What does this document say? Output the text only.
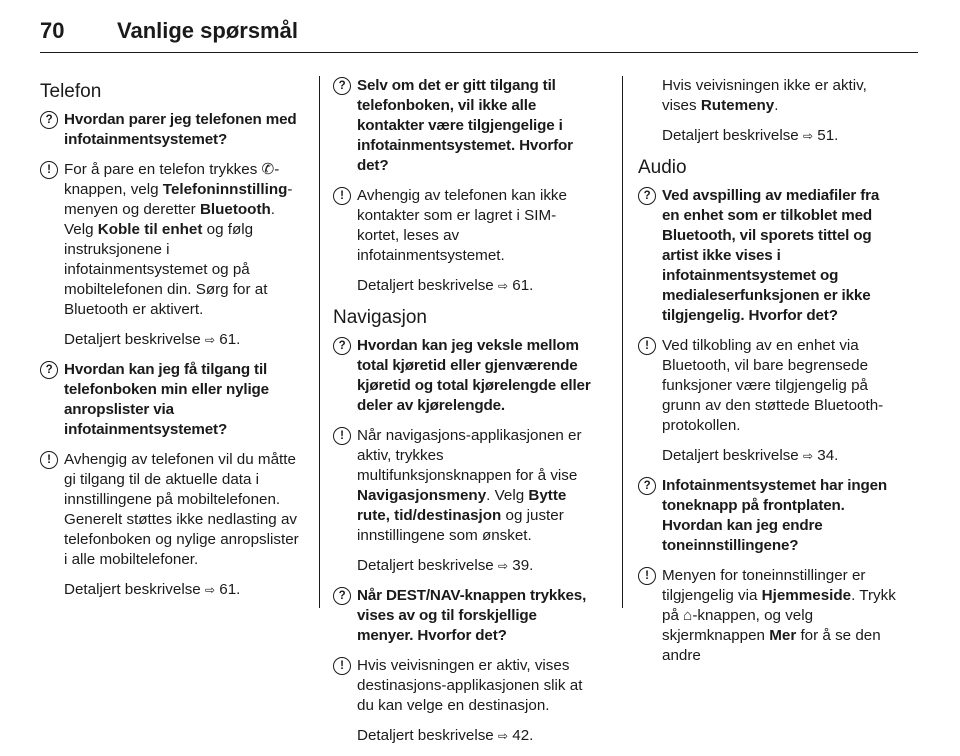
70 Vanlige spørsmål
Telefon
? Hvordan parer jeg telefonen med infotainmentsystemet?
! For å pare en telefon trykkes ✆-knappen, velg Telefoninnstilling-menyen og deretter Bluetooth. Velg Koble til enhet og følg instruksjonene i infotainmentsystemet og på mobiltelefonen din. Sørg for at Bluetooth er aktivert.
Detaljert beskrivelse ⇨ 61.
? Hvordan kan jeg få tilgang til telefonboken min eller nylige anropslister via infotainmentsystemet?
! Avhengig av telefonen vil du måtte gi tilgang til de aktuelle data i innstillingene på mobiltelefonen. Generelt støttes ikke nedlasting av telefonboken og nylige anropslister i alle mobiltelefoner.
Detaljert beskrivelse ⇨ 61.
? Selv om det er gitt tilgang til telefonboken, vil ikke alle kontakter være tilgjengelige i infotainmentsystemet. Hvorfor det?
! Avhengig av telefonen kan ikke kontakter som er lagret i SIM-kortet, leses av infotainmentsystemet.
Detaljert beskrivelse ⇨ 61.
Navigasjon
? Hvordan kan jeg veksle mellom total kjøretid eller gjenværende kjøretid og total kjørelengde eller deler av kjørelengde.
! Når navigasjons-applikasjonen er aktiv, trykkes multifunksjonsknappen for å vise Navigasjonsmeny. Velg Bytte rute, tid/destinasjon og juster innstillingene som ønsket.
Detaljert beskrivelse ⇨ 39.
? Når DEST/NAV-knappen trykkes, vises av og til forskjellige menyer. Hvorfor det?
! Hvis veivisningen er aktiv, vises destinasjons-applikasjonen slik at du kan velge en destinasjon.
Detaljert beskrivelse ⇨ 42.
Hvis veivisningen ikke er aktiv, vises Rutemeny.
Detaljert beskrivelse ⇨ 51.
Audio
? Ved avspilling av mediafiler fra en enhet som er tilkoblet med Bluetooth, vil sporets tittel og artist ikke vises i infotainmentsystemet og medialeserfunksjonen er ikke tilgjengelig. Hvorfor det?
! Ved tilkobling av en enhet via Bluetooth, vil bare begrensede funksjoner være tilgjengelig på grunn av den støttede Bluetooth-protokollen.
Detaljert beskrivelse ⇨ 34.
? Infotainmentsystemet har ingen toneknapp på frontplaten. Hvordan kan jeg endre toneinnstillingene?
! Menyen for toneinnstillinger er tilgjengelig via Hjemmeside. Trykk på ⌂-knappen, og velg skjermknappen Mer for å se den andre
